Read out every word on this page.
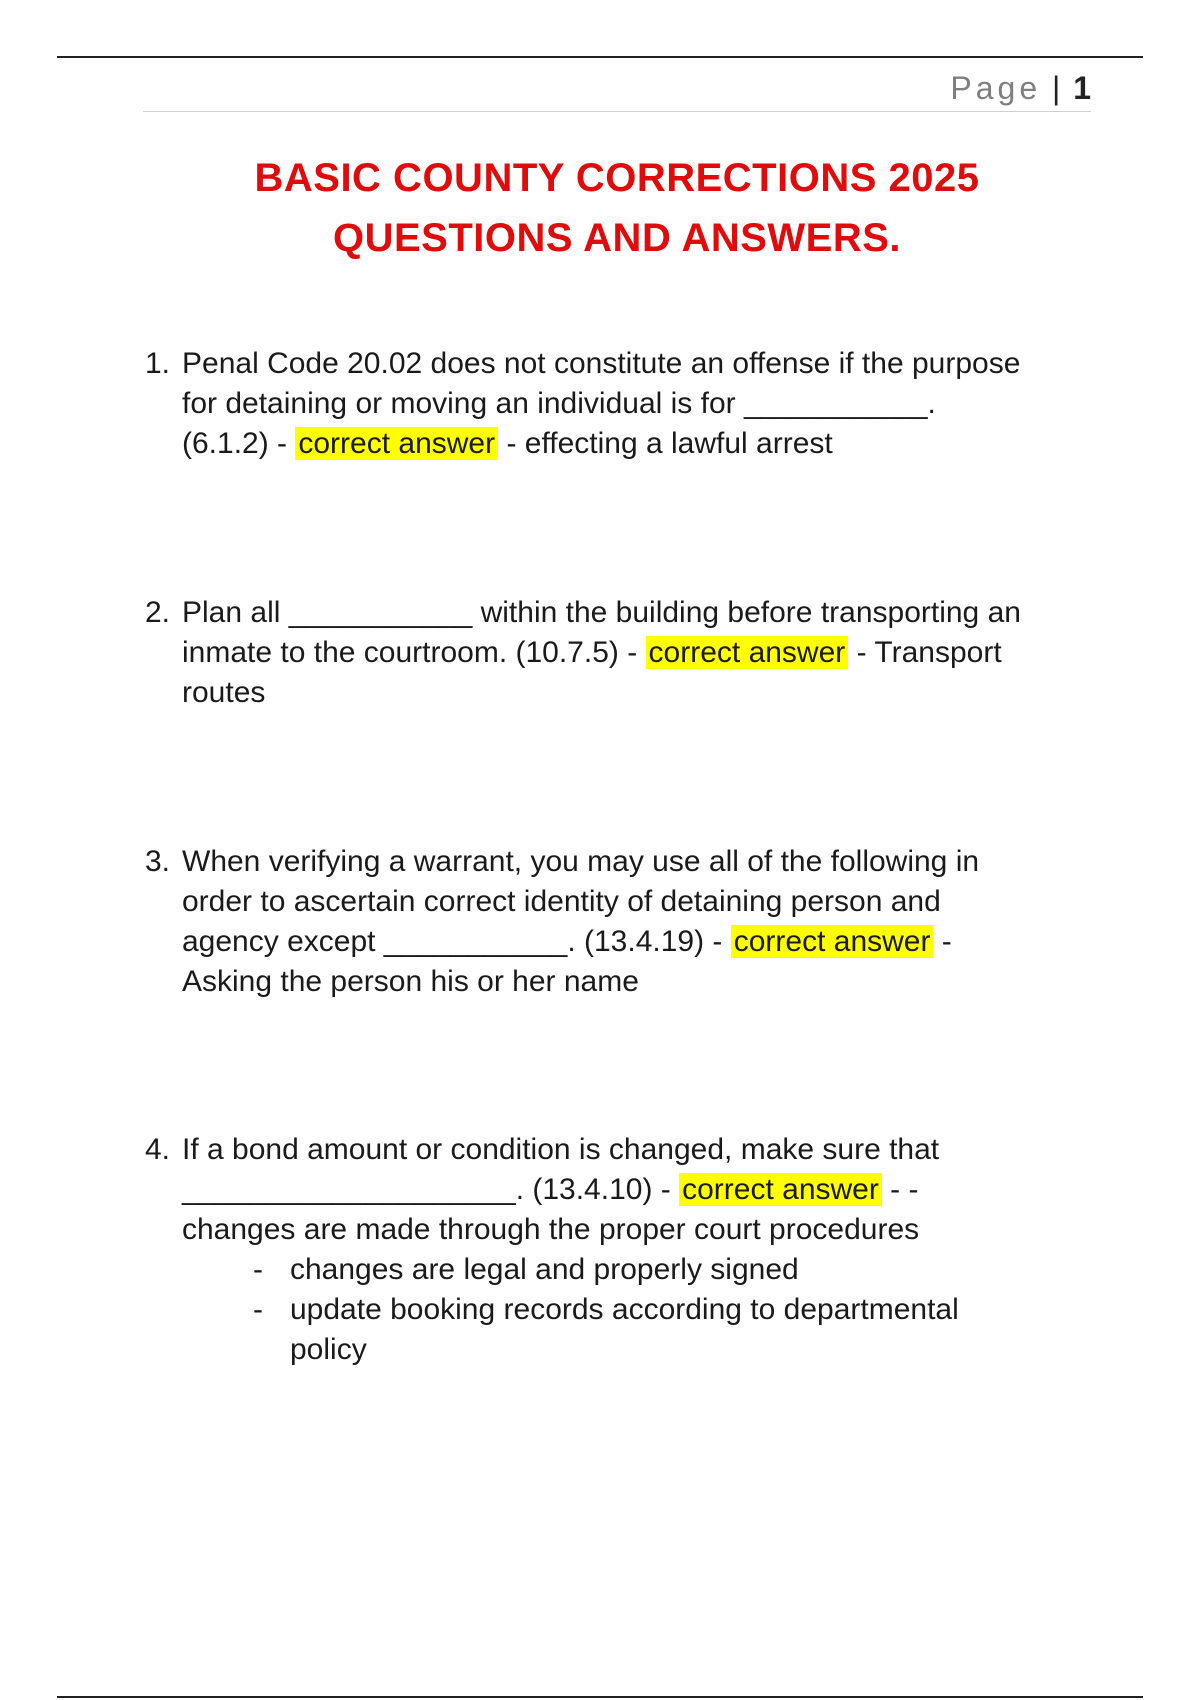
Page | 1
BASIC COUNTY CORRECTIONS 2025
QUESTIONS AND ANSWERS.
1. Penal Code 20.02 does not constitute an offense if the purpose
for detaining or moving an individual is for ___________.
(6.1.2) - correct answer - effecting a lawful arrest
2. Plan all ___________ within the building before transporting an
inmate to the courtroom. (10.7.5) - correct answer - Transport
routes
3. When verifying a warrant, you may use all of the following in
order to ascertain correct identity of detaining person and
agency except ___________. (13.4.19) - correct answer -
Asking the person his or her name
4. If a bond amount or condition is changed, make sure that
____________________. (13.4.10) - correct answer - -
changes are made through the proper court procedures
- changes are legal and properly signed
- update booking records according to departmental
policy
